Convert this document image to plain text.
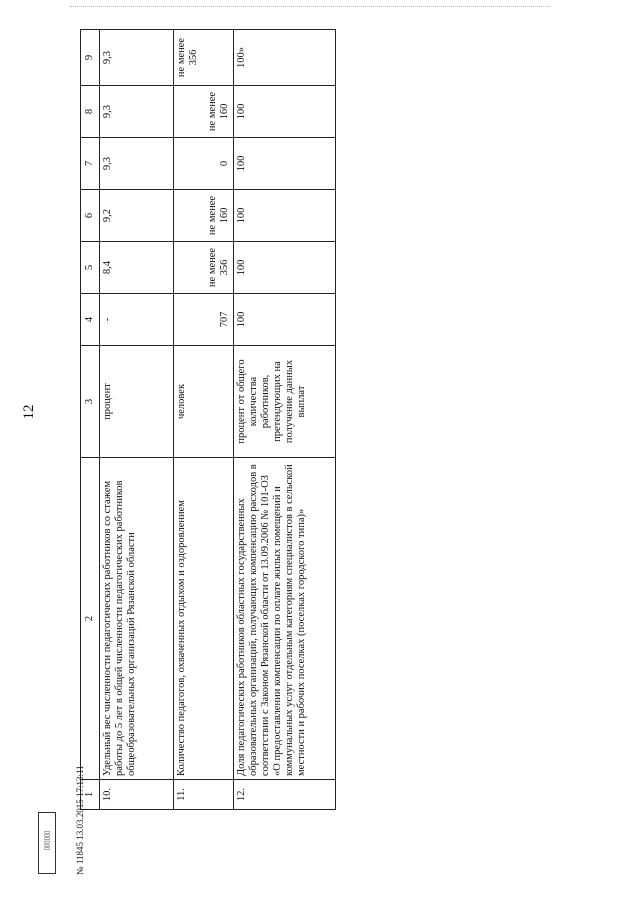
12
1	2	3	4	5	6	7	8	9
10.	Удельный вес численности педагогических работников со стажем работы до 5 лет в общей численности педагогических работников общеобразовательных организаций Рязанской области	процент	-	8,4	9,2	9,3	9,3	9,3
11.	Количество педагогов, охваченных отдыхом и оздоровлением	человек	707	не менее 356	не менее 160	0	не менее 160	не менее 356
12.	Доля педагогических работников областных государственных образовательных организаций, получающих компенсацию расходов в соответствии с Законом Рязанской области от 13.09.2006 № 101-ОЗ «О предоставлении компенсации по оплате жилых помещений и коммунальных услуг отдельным категориям специалистов в сельской местности и рабочих поселках (поселках городского типа)»	процент от общего количества работников, претендующих на получение данных выплат	100	100	100	100	100	100»
№ 11845 13.03.2015 17:13:11
▯▯▯▯▯▯
